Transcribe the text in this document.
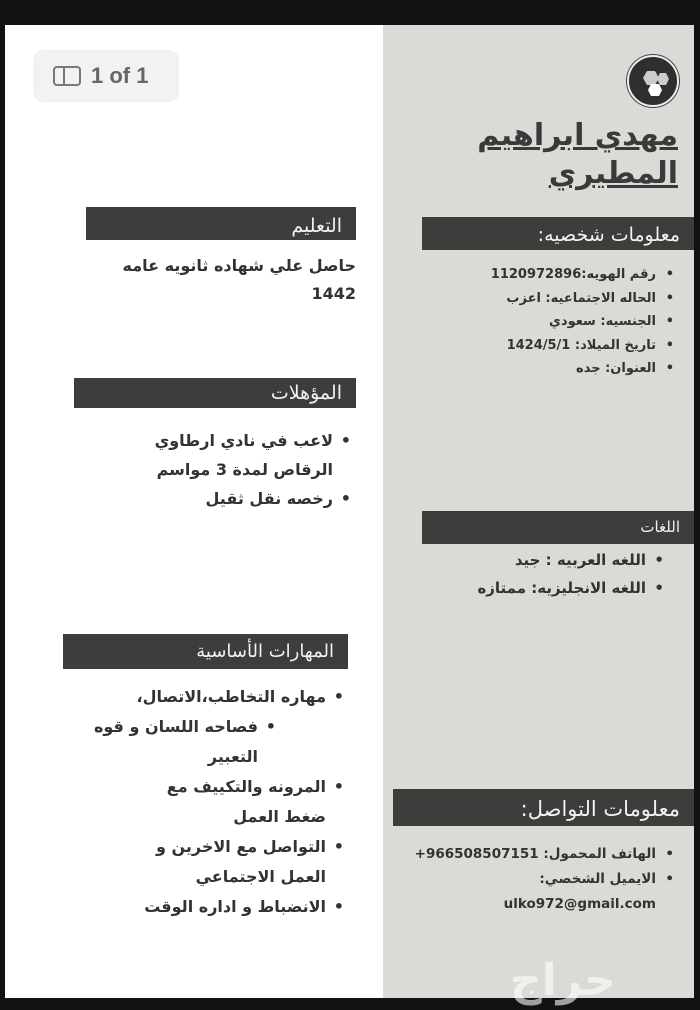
1 of 1
مهدي ابراهيم
المطيري
معلومات شخصيه:
• رقم الهويه:1120972896
• الحاله الاجتماعيه: اعزب
• الجنسيه: سعودي
• تاريخ الميلاد: 1424/5/1
• العنوان: جده
اللغات
• اللغه العربيه : جيد
• اللغه الانجليزيه: ممتازه
معلومات التواصل:
• الهاتف المحمول: 966508507151+
• الايميل الشخصي:
ulko972@gmail.com
التعليم
حاصل علي شهاده ثانويه عامه 1442
المؤهلات
• لاعب في نادي ارطاوي الرقاص لمدة 3 مواسم
• رخصه نقل ثقيل
المهارات الأساسية
• مهاره التخاطب،الاتصال،
• فصاحه اللسان و قوه التعبير
• المرونه والتكييف مع ضغط العمل
• التواصل مع الاخرين و العمل الاجتماعي
• الانضباط و اداره الوقت
حراج
